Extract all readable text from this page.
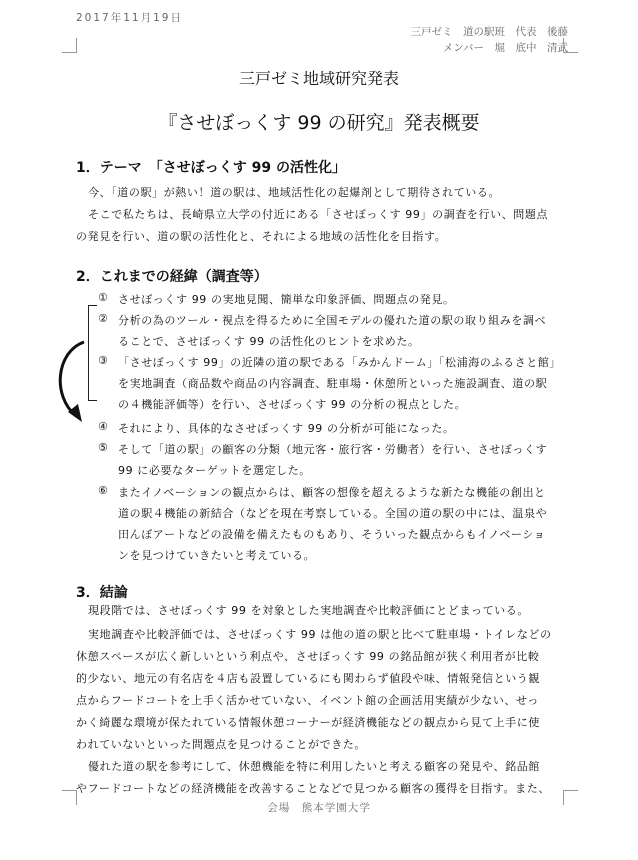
2017年11月19日
三戸ゼミ　道の駅班　代表　後藤
メンバー　堀　底中　清武
三戸ゼミ地域研究発表
『させぼっくす 99 の研究』発表概要
1．テーマ　「させぼっくす 99 の活性化」
今、「道の駅」が熱い！道の駅は、地域活性化の起爆剤として期待されている。
そこで私たちは、長崎県立大学の付近にある「させぼっくす 99」の調査を行い、問題点
の発見を行い、道の駅の活性化と、それによる地域の活性化を目指す。
2．これまでの経緯（調査等）
① させぼっくす 99 の実地見聞、簡単な印象評価、問題点の発見。
② 分析の為のツール・視点を得るために全国モデルの優れた道の駅の取り組みを調べ
ることで、させぼっくす 99 の活性化のヒントを求めた。
③ 「させぼっくす 99」の近隣の道の駅である「みかんドーム」「松浦海のふるさと館」
を実地調査（商品数や商品の内容調査、駐車場・休憩所といった施設調査、道の駅
の４機能評価等）を行い、させぼっくす 99 の分析の視点とした。
④ それにより、具体的なさせぼっくす 99 の分析が可能になった。
⑤ そして「道の駅」の顧客の分類（地元客・旅行客・労働者）を行い、させぼっくす
99 に必要なターゲットを選定した。
⑥ またイノベーションの観点からは、顧客の想像を超えるような新たな機能の創出と
道の駅４機能の新結合（などを現在考察している。全国の道の駅の中には、温泉や
田んぼアートなどの設備を備えたものもあり、そういった観点からもイノベーショ
ンを見つけていきたいと考えている。
3．結論
現段階では、させぼっくす 99 を対象とした実地調査や比較評価にとどまっている。
実地調査や比較評価では、させぼっくす 99 は他の道の駅と比べて駐車場・トイレなどの
休憩スペースが広く新しいという利点や、させぼっくす 99 の銘品館が狭く利用者が比較
的少ない、地元の有名店を４店も設置しているにも関わらず値段や味、情報発信という観
点からフードコートを上手く活かせていない、イベント館の企画活用実績が少ない、せっ
かく綺麗な環境が保たれている情報休憩コーナーが経済機能などの観点から見て上手に使
われていないといった問題点を見つけることができた。
優れた道の駅を参考にして、休憩機能を特に利用したいと考える顧客の発見や、銘品館
やフードコートなどの経済機能を改善することなどで見つかる顧客の獲得を目指す。また、
会場　熊本学園大学
